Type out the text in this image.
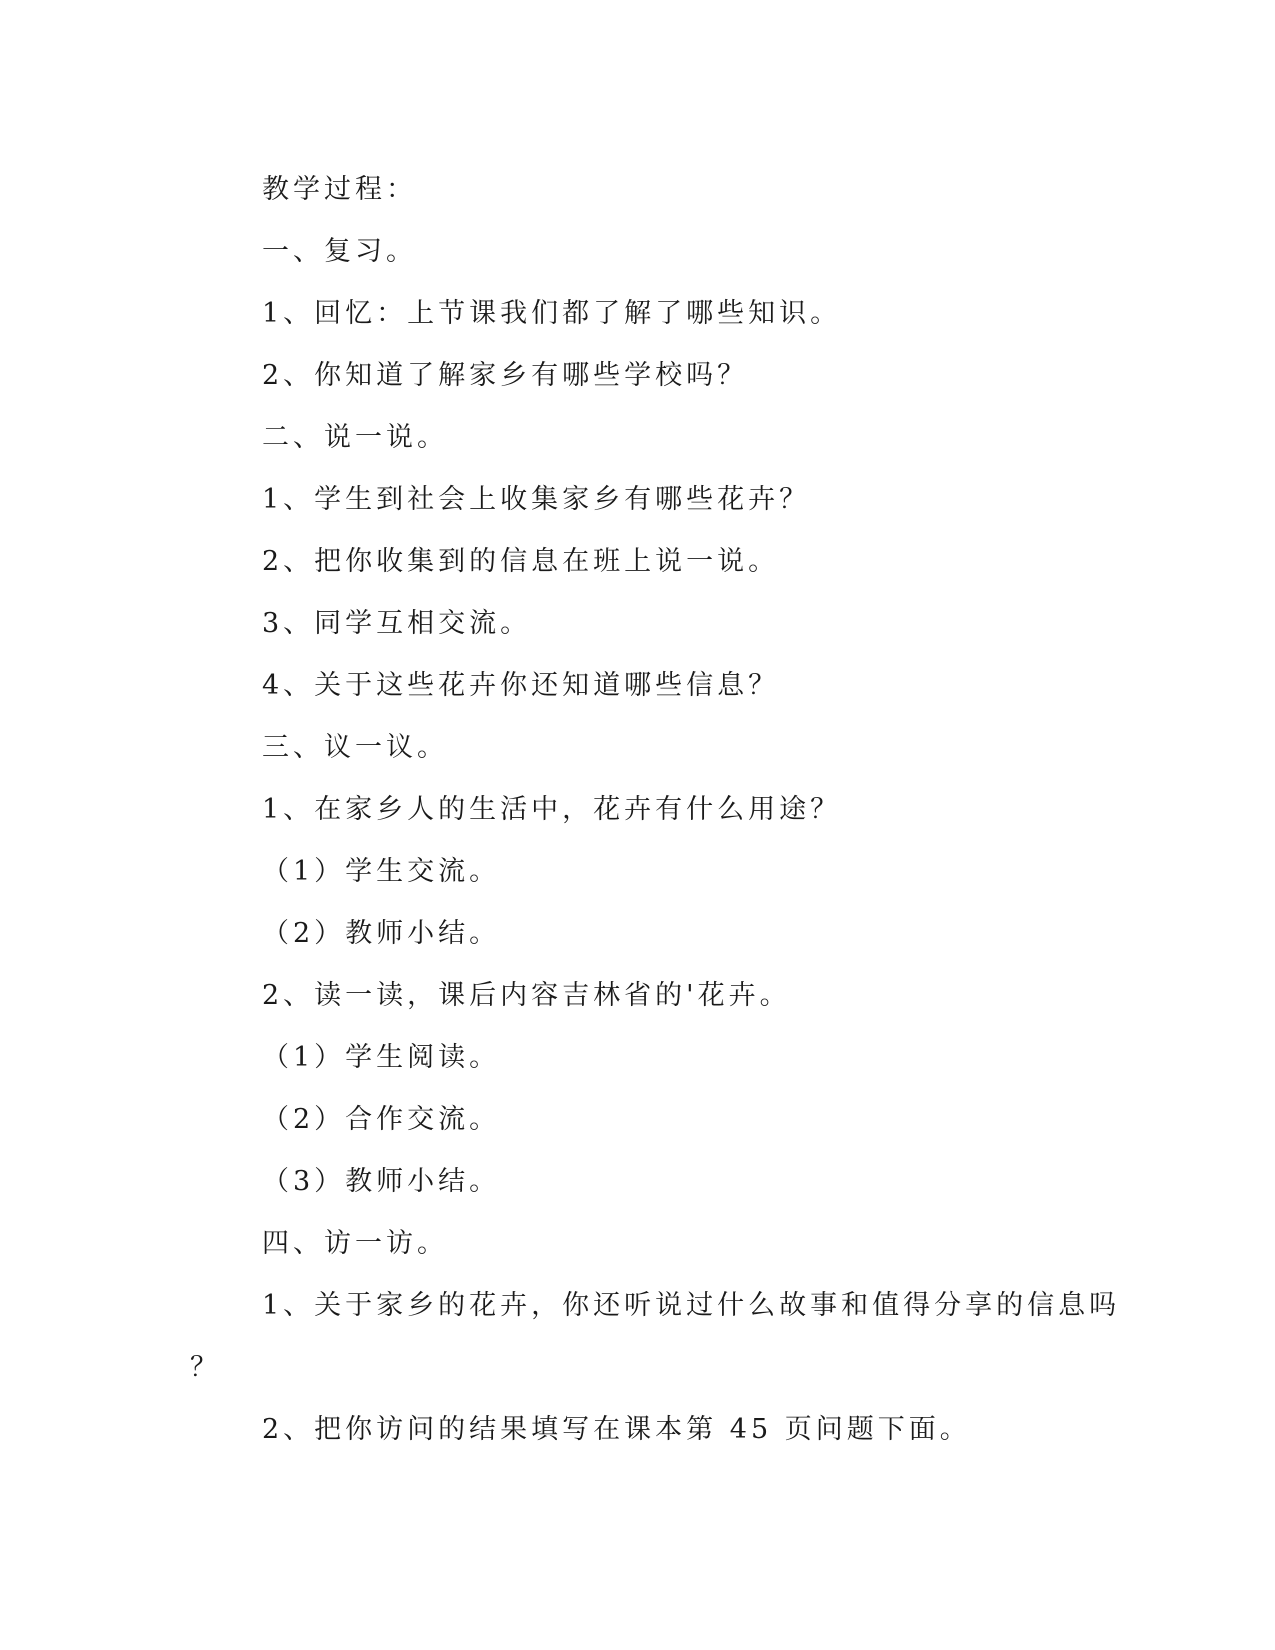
教学过程：
一、复习。
1、回忆：上节课我们都了解了哪些知识。
2、你知道了解家乡有哪些学校吗？
二、说一说。
1、学生到社会上收集家乡有哪些花卉？
2、把你收集到的信息在班上说一说。
3、同学互相交流。
4、关于这些花卉你还知道哪些信息？
三、议一议。
1、在家乡人的生活中，花卉有什么用途？
（1）学生交流。
（2）教师小结。
2、读一读，课后内容吉林省的'花卉。
（1）学生阅读。
（2）合作交流。
（3）教师小结。
四、访一访。
1、关于家乡的花卉，你还听说过什么故事和值得分享的信息吗
？
2、把你访问的结果填写在课本第 45 页问题下面。
